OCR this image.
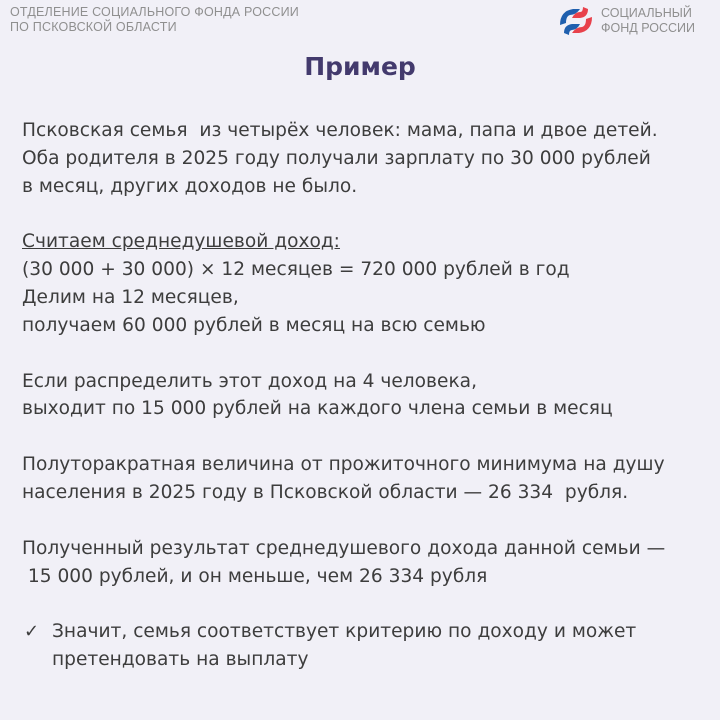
ОТДЕЛЕНИЕ СОЦИАЛЬНОГО ФОНДА РОССИИ
ПО ПСКОВСКОЙ ОБЛАСТИ
СОЦИАЛЬНЫЙ
ФОНД РОССИИ
Пример
Псковская семья  из четырёх человек: мама, папа и двое детей.
Оба родителя в 2025 году получали зарплату по 30 000 рублей
в месяц, других доходов не было.
Считаем среднедушевой доход:
(30 000 + 30 000) × 12 месяцев = 720 000 рублей в год
Делим на 12 месяцев,
получаем 60 000 рублей в месяц на всю семью
Если распределить этот доход на 4 человека,
выходит по 15 000 рублей на каждого члена семьи в месяц
Полуторакратная величина от прожиточного минимума на душу
населения в 2025 году в Псковской области — 26 334  рубля.
Полученный результат среднедушевого дохода данной семьи —
15 000 рублей, и он меньше, чем 26 334 рубля
✓ Значит, семья соответствует критерию по доходу и может
претендовать на выплату
